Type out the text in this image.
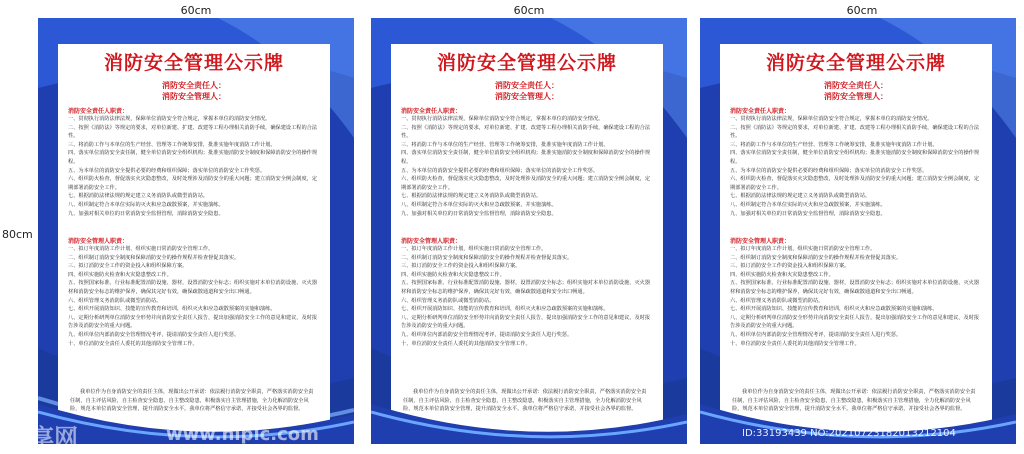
60cm	60cm	60cm
80cm
消防安全管理公示牌
消防安全责任人：
消防安全管理人：
消防安全责任人职责：
一、贯彻执行消防法律法规，保障单位消防安全符合规定，掌握本单位的消防安全情况。
二、按照《消防法》等规定的要求，对单位新建、扩建、改建等工程办理相关消防手续，确保建设工程的合法性。
三、将消防工作与本单位的生产经营、管理等工作统筹安排，批准实施年度消防工作计划。
四、落实单位消防安全责任制，健全单位消防安全组织机构；批准实施消防安全制度和保障消防安全的操作规程。
五、为本单位的消防安全提供必要的经费和组织保障；落实单位的消防安全工作奖惩。
六、组织防火检查，督促落实火灾隐患整改，及时处理涉及消防安全的重大问题；建立消防安全例会制度，定期部署消防安全工作。
七、根据消防法律法规的规定建立义务消防队或微型消防站。
八、组织制定符合本单位实际的灭火和应急疏散预案，并实施演练。
九、加强对相关单位的日常消防安全监督管理，消除消防安全隐患。
消防安全管理人职责：
一、拟订年度消防工作计划，组织实施日常消防安全管理工作。
二、组织制订消防安全制度和保障消防安全的操作规程并检查督促其落实。
三、拟订消防安全工作的资金投入和组织保障方案。
四、组织实施防火检查和火灾隐患整改工作。
五、按照国家标准、行业标准配置消防设施、器材，设置消防安全标志；组织实施对本单位消防设施、灭火器材和消防安全标志的维护保养，确保其完好有效，确保疏散通道和安全出口畅通。
六、组织管理义务消防队或微型消防站。
七、组织开展消防知识、技能的宣传教育和培训，组织灭火和应急疏散预案的实施和演练。
八、定期分析研判单位消防安全形势并向消防安全责任人报告，提出加强消防安全工作的意见和建议，及时报告涉及消防安全的重大问题。
九、组织单位内部消防安全管理情况考评，提请消防安全责任人进行奖惩。
十、单位消防安全责任人委托的其他消防安全管理工作。
我单位作为自身消防安全的责任主体，现做出公开承诺：依法履行消防安全职责，严格落实消防安全责任制，自主评估风险，自主检查安全隐患，自主整改隐患，积极落实自主管理措施，全力化解消防安全风险，规范本单位消防安全管理，提升消防安全水平。我单位将严格信守承诺，并接受社会各界的监督。
消防安全管理公示牌
消防安全责任人：
消防安全管理人：
消防安全责任人职责：
一、贯彻执行消防法律法规，保障单位消防安全符合规定，掌握本单位的消防安全情况。
二、按照《消防法》等规定的要求，对单位新建、扩建、改建等工程办理相关消防手续，确保建设工程的合法性。
三、将消防工作与本单位的生产经营、管理等工作统筹安排，批准实施年度消防工作计划。
四、落实单位消防安全责任制，健全单位消防安全组织机构；批准实施消防安全制度和保障消防安全的操作规程。
五、为本单位的消防安全提供必要的经费和组织保障；落实单位的消防安全工作奖惩。
六、组织防火检查，督促落实火灾隐患整改，及时处理涉及消防安全的重大问题；建立消防安全例会制度，定期部署消防安全工作。
七、根据消防法律法规的规定建立义务消防队或微型消防站。
八、组织制定符合本单位实际的灭火和应急疏散预案，并实施演练。
九、加强对相关单位的日常消防安全监督管理，消除消防安全隐患。
消防安全管理人职责：
一、拟订年度消防工作计划，组织实施日常消防安全管理工作。
二、组织制订消防安全制度和保障消防安全的操作规程并检查督促其落实。
三、拟订消防安全工作的资金投入和组织保障方案。
四、组织实施防火检查和火灾隐患整改工作。
五、按照国家标准、行业标准配置消防设施、器材，设置消防安全标志；组织实施对本单位消防设施、灭火器材和消防安全标志的维护保养，确保其完好有效，确保疏散通道和安全出口畅通。
六、组织管理义务消防队或微型消防站。
七、组织开展消防知识、技能的宣传教育和培训，组织灭火和应急疏散预案的实施和演练。
八、定期分析研判单位消防安全形势并向消防安全责任人报告，提出加强消防安全工作的意见和建议，及时报告涉及消防安全的重大问题。
九、组织单位内部消防安全管理情况考评，提请消防安全责任人进行奖惩。
十、单位消防安全责任人委托的其他消防安全管理工作。
我单位作为自身消防安全的责任主体，现做出公开承诺：依法履行消防安全职责，严格落实消防安全责任制，自主评估风险，自主检查安全隐患，自主整改隐患，积极落实自主管理措施，全力化解消防安全风险，规范本单位消防安全管理，提升消防安全水平。我单位将严格信守承诺，并接受社会各界的监督。
消防安全管理公示牌
消防安全责任人：
消防安全管理人：
消防安全责任人职责：
一、贯彻执行消防法律法规，保障单位消防安全符合规定，掌握本单位的消防安全情况。
二、按照《消防法》等规定的要求，对单位新建、扩建、改建等工程办理相关消防手续，确保建设工程的合法性。
三、将消防工作与本单位的生产经营、管理等工作统筹安排，批准实施年度消防工作计划。
四、落实单位消防安全责任制，健全单位消防安全组织机构；批准实施消防安全制度和保障消防安全的操作规程。
五、为本单位的消防安全提供必要的经费和组织保障；落实单位的消防安全工作奖惩。
六、组织防火检查，督促落实火灾隐患整改，及时处理涉及消防安全的重大问题；建立消防安全例会制度，定期部署消防安全工作。
七、根据消防法律法规的规定建立义务消防队或微型消防站。
八、组织制定符合本单位实际的灭火和应急疏散预案，并实施演练。
九、加强对相关单位的日常消防安全监督管理，消除消防安全隐患。
消防安全管理人职责：
一、拟订年度消防工作计划，组织实施日常消防安全管理工作。
二、组织制订消防安全制度和保障消防安全的操作规程并检查督促其落实。
三、拟订消防安全工作的资金投入和组织保障方案。
四、组织实施防火检查和火灾隐患整改工作。
五、按照国家标准、行业标准配置消防设施、器材，设置消防安全标志；组织实施对本单位消防设施、灭火器材和消防安全标志的维护保养，确保其完好有效，确保疏散通道和安全出口畅通。
六、组织管理义务消防队或微型消防站。
七、组织开展消防知识、技能的宣传教育和培训，组织灭火和应急疏散预案的实施和演练。
八、定期分析研判单位消防安全形势并向消防安全责任人报告，提出加强消防安全工作的意见和建议，及时报告涉及消防安全的重大问题。
九、组织单位内部消防安全管理情况考评，提请消防安全责任人进行奖惩。
十、单位消防安全责任人委托的其他消防安全管理工作。
我单位作为自身消防安全的责任主体，现做出公开承诺：依法履行消防安全职责，严格落实消防安全责任制，自主评估风险，自主检查安全隐患，自主整改隐患，积极落实自主管理措施，全力化解消防安全风险，规范本单位消防安全管理，提升消防安全水平。我单位将严格信守承诺，并接受社会各界的监督。
昵享网	www.nipic.com	ID:33193439 NO:20210723182013212104
